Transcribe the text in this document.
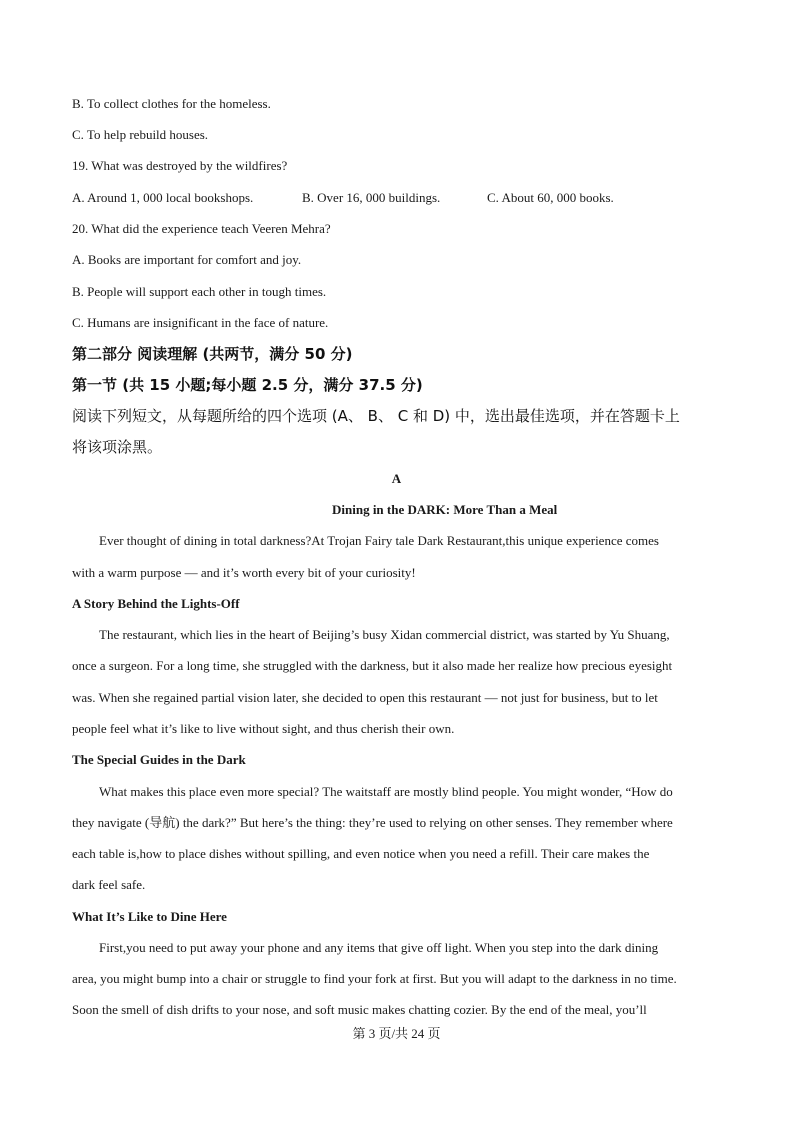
B. To collect clothes for the homeless.
C. To help rebuild houses.
19. What was destroyed by the wildfires?
A. Around 1, 000 local bookshops.	B. Over 16, 000 buildings.	C. About 60, 000 books.
20. What did the experience teach Veeren Mehra?
A. Books are important for comfort and joy.
B. People will support each other in tough times.
C. Humans are insignificant in the face of nature.
第二部分 阅读理解 (共两节，满分 50 分)
第一节 (共 15 小题;每小题 2.5 分，满分 37.5 分)
阅读下列短文，从每题所给的四个选项 (A、 B、 C 和 D) 中，选出最佳选项，并在答题卡上
将该项涂黑。
A
Dining in the DARK: More Than a Meal
Ever thought of dining in total darkness?At Trojan Fairy tale Dark Restaurant,this unique experience comes
with a warm purpose — and it’s worth every bit of your curiosity!
A Story Behind the Lights-Off
The restaurant, which lies in the heart of Beijing’s busy Xidan commercial district, was started by Yu Shuang,
once a surgeon. For a long time, she struggled with the darkness, but it also made her realize how precious eyesight
was. When she regained partial vision later, she decided to open this restaurant — not just for business, but to let
people feel what it’s like to live without sight, and thus cherish their own.
The Special Guides in the Dark
What makes this place even more special? The waitstaff are mostly blind people. You might wonder, “How do
they navigate (导航) the dark?” But here’s the thing: they’re used to relying on other senses. They remember where
each table is,how to place dishes without spilling, and even notice when you need a refill. Their care makes the
dark feel safe.
What It’s Like to Dine Here
First,you need to put away your phone and any items that give off light. When you step into the dark dining
area, you might bump into a chair or struggle to find your fork at first. But you will adapt to the darkness in no time.
Soon the smell of dish drifts to your nose, and soft music makes chatting cozier. By the end of the meal, you’ll
第 3 页/共 24 页
